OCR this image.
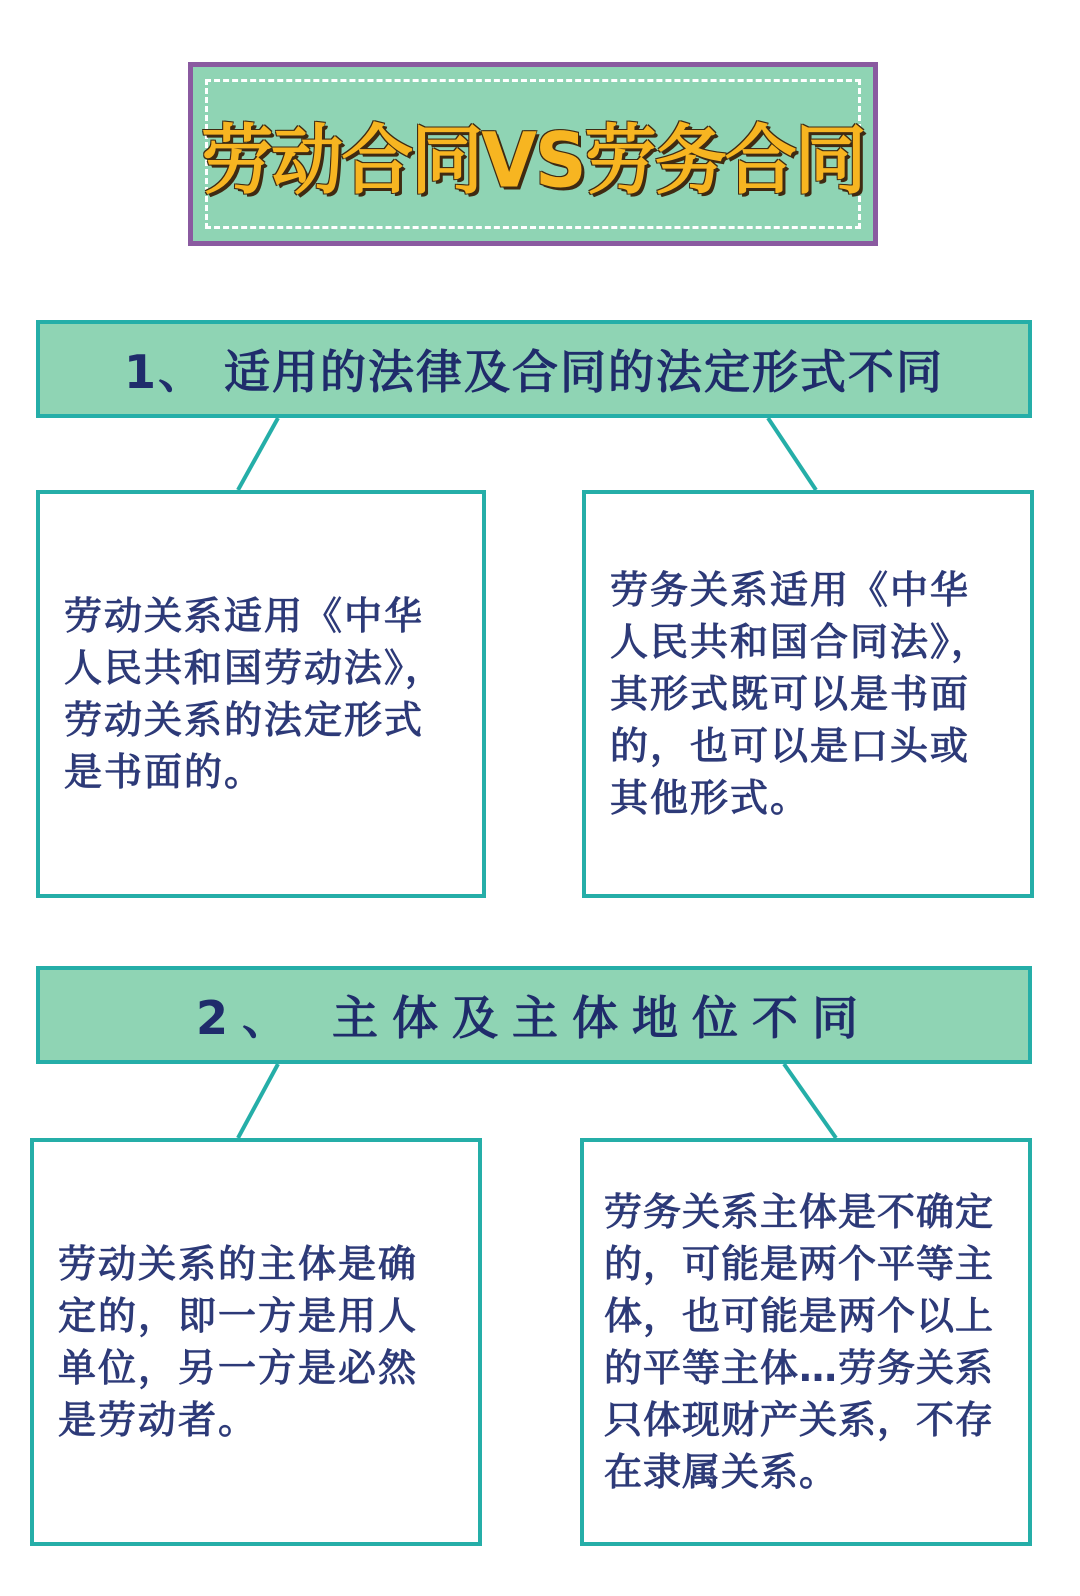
劳动合同VS劳务合同
1、 适用的法律及合同的法定形式不同

劳动关系适用《中华人民共和国劳动法》，劳动关系的法定形式是书面的。

劳务关系适用《中华人民共和国合同法》，其形式既可以是书面的，也可以是口头或其他形式。

2、 主体及主体地位不同

劳动关系的主体是确定的，即一方是用人单位，另一方是必然是劳动者。

劳务关系主体是不确定的，可能是两个平等主体，也可能是两个以上的平等主体…劳务关系只体现财产关系，不存在隶属关系。
